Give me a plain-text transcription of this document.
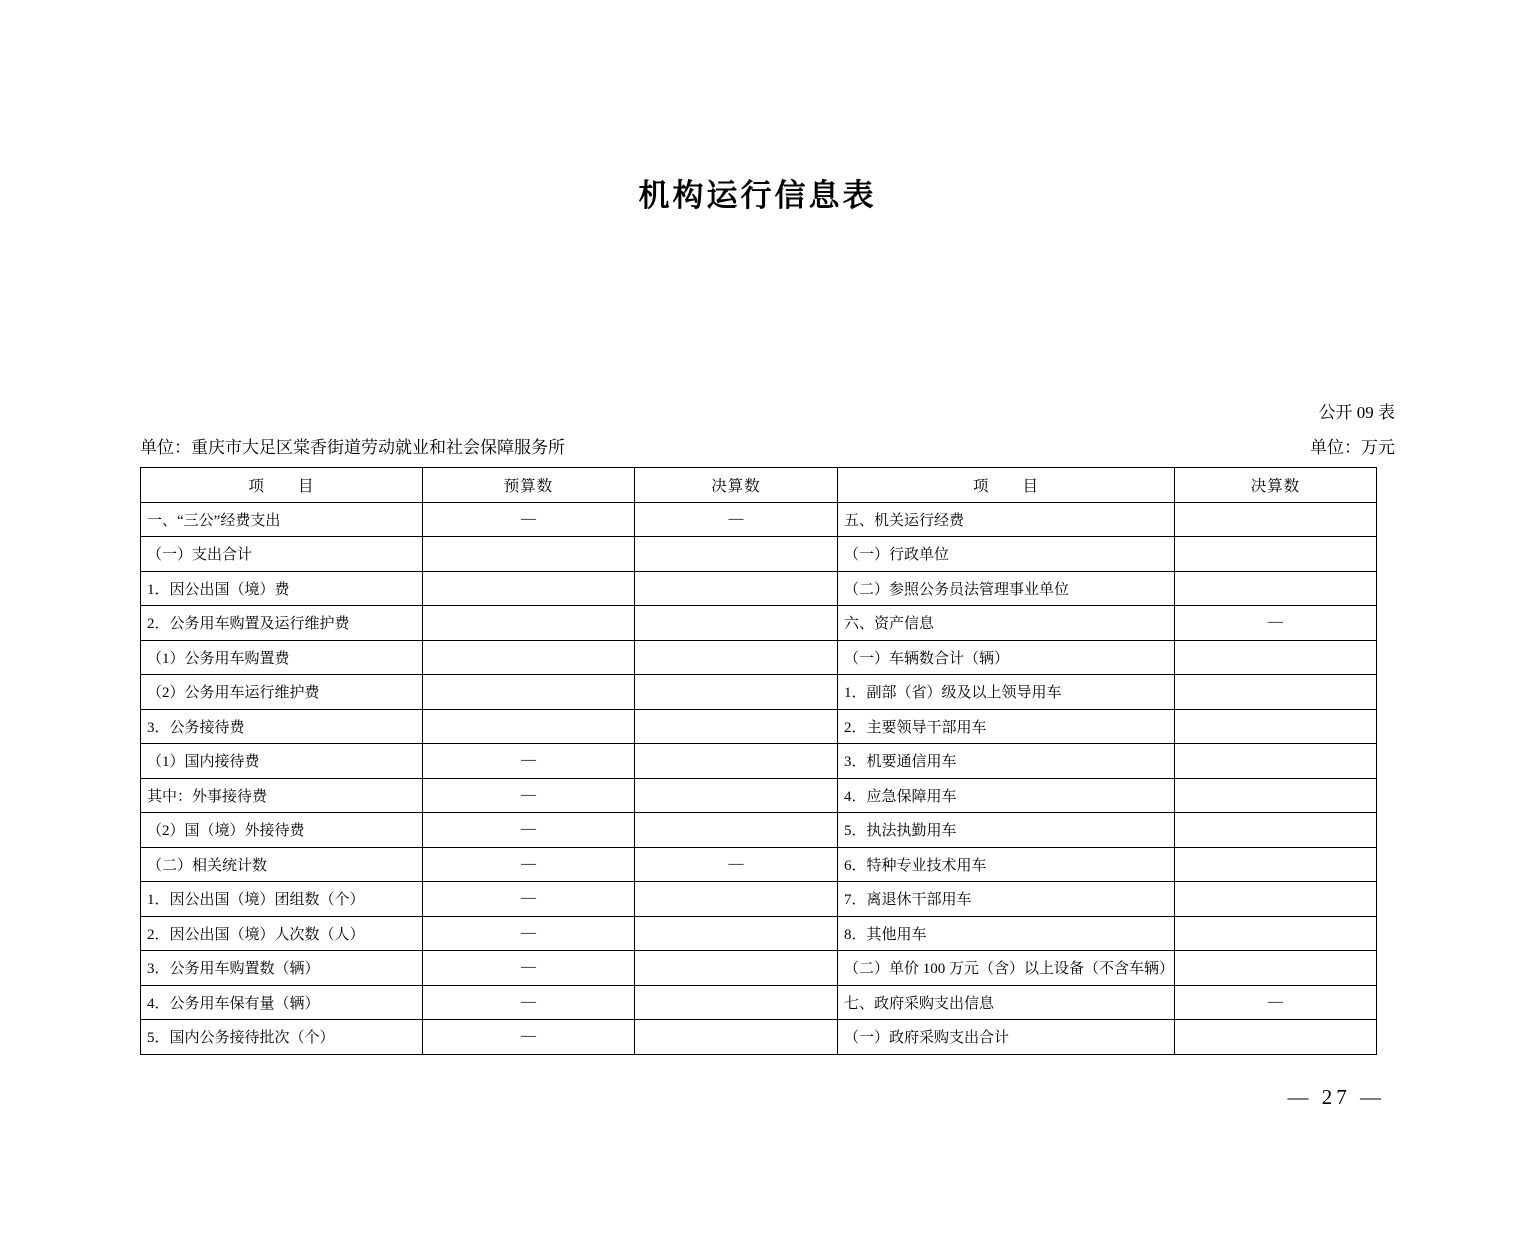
机构运行信息表
公开 09 表
单位：重庆市大足区棠香街道劳动就业和社会保障服务所	单位：万元
项　　目	预算数	决算数	项　　目	决算数
一、“三公”经费支出	—	—	五、机关运行经费	
（一）支出合计			（一）行政单位	
1．因公出国（境）费			（二）参照公务员法管理事业单位	
2．公务用车购置及运行维护费			六、资产信息	—
（1）公务用车购置费			（一）车辆数合计（辆）	
（2）公务用车运行维护费			1．副部（省）级及以上领导用车	
3．公务接待费			2．主要领导干部用车	
（1）国内接待费	—		3．机要通信用车	
其中：外事接待费	—		4．应急保障用车	
（2）国（境）外接待费	—		5．执法执勤用车	
（二）相关统计数	—	—	6．特种专业技术用车	
1．因公出国（境）团组数（个）	—		7．离退休干部用车	
2．因公出国（境）人次数（人）	—		8．其他用车	
3．公务用车购置数（辆）	—		（二）单价 100 万元（含）以上设备（不含车辆）	
4．公务用车保有量（辆）	—		七、政府采购支出信息	—
5．国内公务接待批次（个）	—		（一）政府采购支出合计	
— 27 —
